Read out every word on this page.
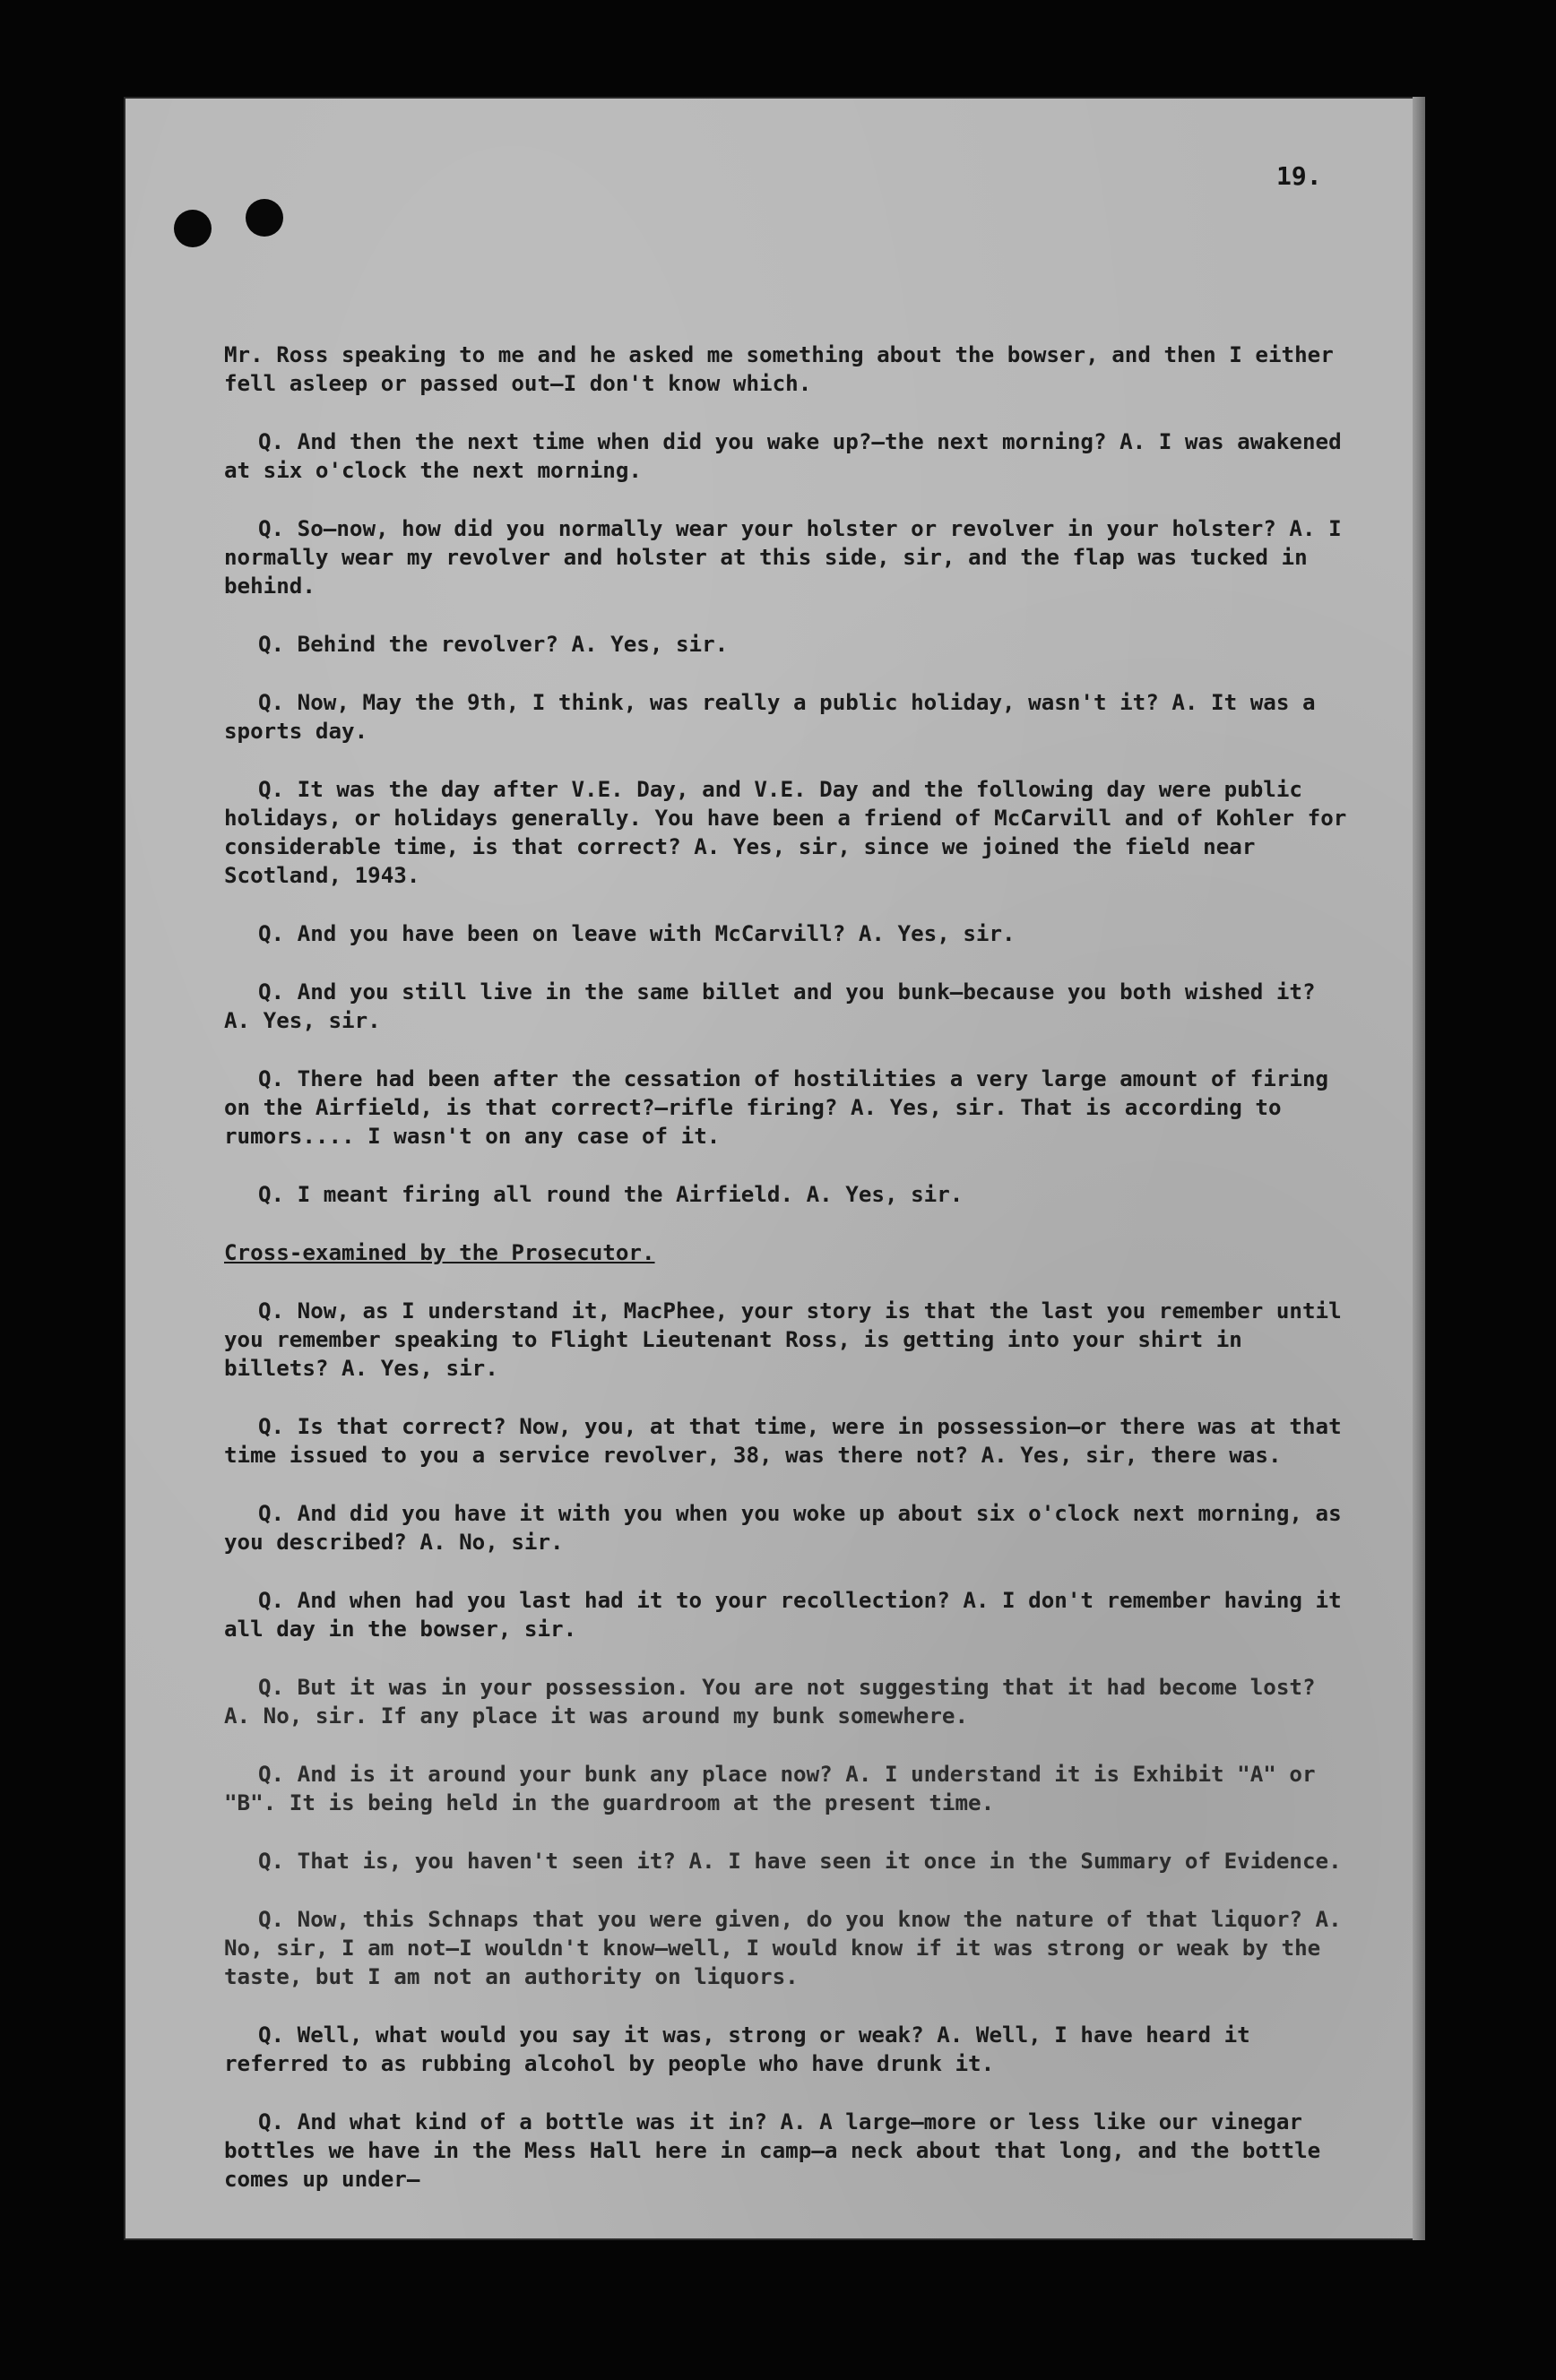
19.

Mr. Ross speaking to me and he asked me something about the bowser, and then I either fell asleep or passed out—I don't know which.

Q. And then the next time when did you wake up?—the next morning? A. I was awakened at six o'clock the next morning.

Q. So—now, how did you normally wear your holster or revolver in your holster? A. I normally wear my revolver and holster at this side, sir, and the flap was tucked in behind.

Q. Behind the revolver? A. Yes, sir.

Q. Now, May the 9th, I think, was really a public holiday, wasn't it? A. It was a sports day.

Q. It was the day after V.E. Day, and V.E. Day and the following day were public holidays, or holidays generally. You have been a friend of McCarvill and of Kohler for considerable time, is that correct? A. Yes, sir, since we joined the field near Scotland, 1943.

Q. And you have been on leave with McCarvill? A. Yes, sir.

Q. And you still live in the same billet and you bunk—because you both wished it? A. Yes, sir.

Q. There had been after the cessation of hostilities a very large amount of firing on the Airfield, is that correct?—rifle firing? A. Yes, sir. That is according to rumors.... I wasn't on any case of it.

Q. I meant firing all round the Airfield. A. Yes, sir.

Cross-examined by the Prosecutor.

Q. Now, as I understand it, MacPhee, your story is that the last you remember until you remember speaking to Flight Lieutenant Ross, is getting into your shirt in billets? A. Yes, sir.

Q. Is that correct? Now, you, at that time, were in possession—or there was at that time issued to you a service revolver, 38, was there not? A. Yes, sir, there was.

Q. And did you have it with you when you woke up about six o'clock next morning, as you described? A. No, sir.

Q. And when had you last had it to your recollection? A. I don't remember having it all day in the bowser, sir.

Q. But it was in your possession. You are not suggesting that it had become lost? A. No, sir. If any place it was around my bunk somewhere.

Q. And is it around your bunk any place now? A. I understand it is Exhibit "A" or "B". It is being held in the guardroom at the present time.

Q. That is, you haven't seen it? A. I have seen it once in the Summary of Evidence.

Q. Now, this Schnaps that you were given, do you know the nature of that liquor? A. No, sir, I am not—I wouldn't know—well, I would know if it was strong or weak by the taste, but I am not an authority on liquors.

Q. Well, what would you say it was, strong or weak? A. Well, I have heard it referred to as rubbing alcohol by people who have drunk it.

Q. And what kind of a bottle was it in? A. A large—more or less like our vinegar bottles we have in the Mess Hall here in camp—a neck about that long, and the bottle comes up under—
